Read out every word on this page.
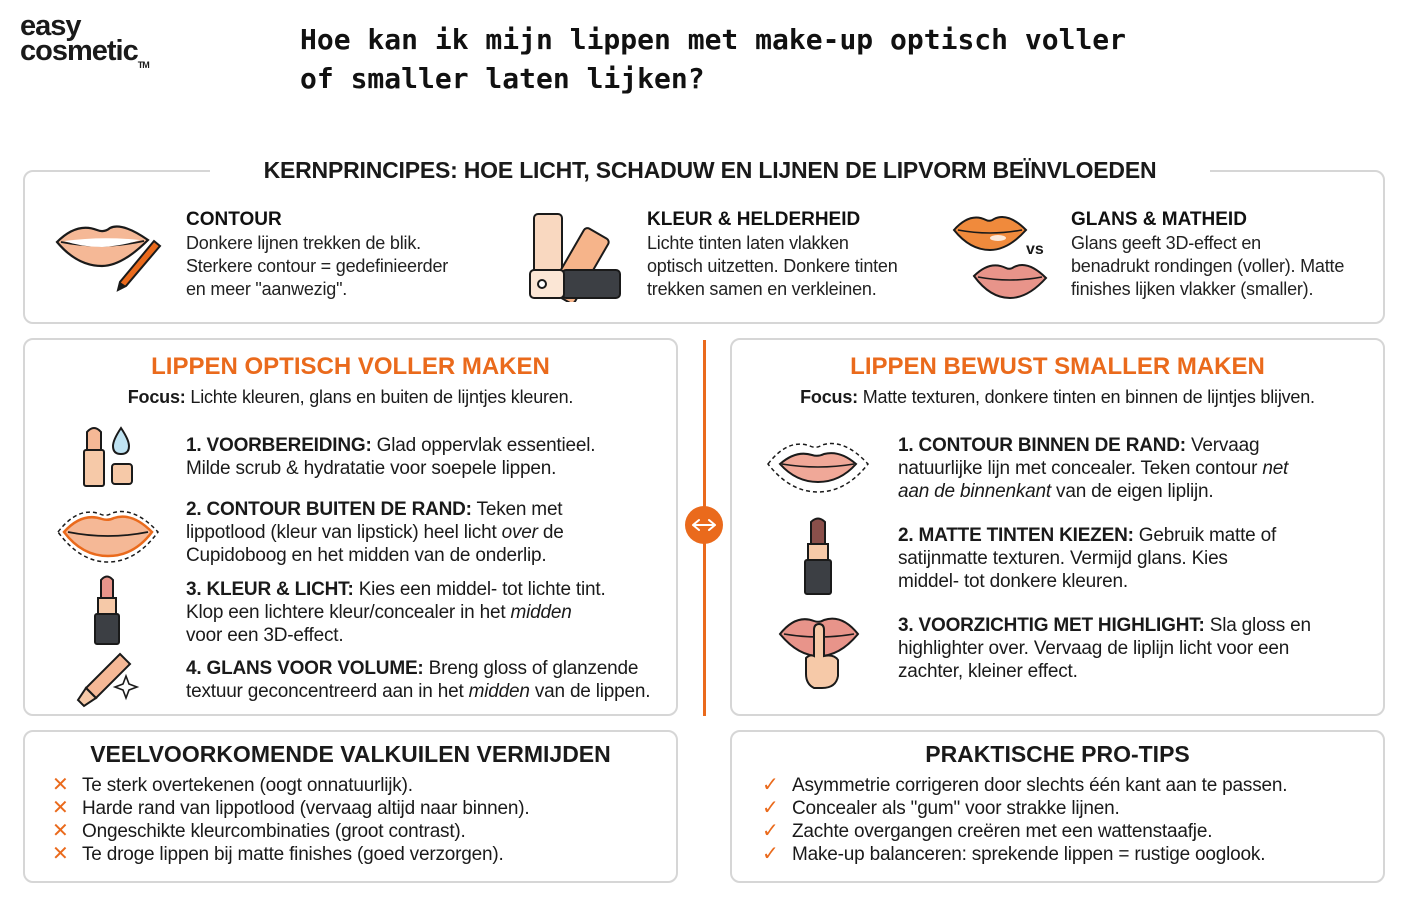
easy
cosmetic™
Hoe kan ik mijn lippen met make-up optisch voller of smaller laten lijken?
KERNPRINCIPES: HOE LICHT, SCHADUW EN LIJNEN DE LIPVORM BEÏNVLOEDEN
CONTOUR
Donkere lijnen trekken de blik.
Sterkere contour = gedefinieerder
en meer "aanwezig".
KLEUR & HELDERHEID
Lichte tinten laten vlakken
optisch uitzetten. Donkere tinten
trekken samen en verkleinen.
vs
GLANS & MATHEID
Glans geeft 3D-effect en
benadrukt rondingen (voller). Matte
finishes lijken vlakker (smaller).
LIPPEN OPTISCH VOLLER MAKEN
Focus: Lichte kleuren, glans en buiten de lijntjes kleuren.
1. VOORBEREIDING: Glad oppervlak essentieel.
Milde scrub & hydratatie voor soepele lippen.
2. CONTOUR BUITEN DE RAND: Teken met
lippotlood (kleur van lipstick) heel licht over de
Cupidoboog en het midden van de onderlip.
3. KLEUR & LICHT: Kies een middel- tot lichte tint.
Klop een lichtere kleur/concealer in het midden
voor een 3D-effect.
4. GLANS VOOR VOLUME: Breng gloss of glanzende
textuur geconcentreerd aan in het midden van de lippen.
LIPPEN BEWUST SMALLER MAKEN
Focus: Matte texturen, donkere tinten en binnen de lijntjes blijven.
1. CONTOUR BINNEN DE RAND: Vervaag
natuurlijke lijn met concealer. Teken contour net
aan de binnenkant van de eigen liplijn.
2. MATTE TINTEN KIEZEN: Gebruik matte of
satijnmatte texturen. Vermijd glans. Kies
middel- tot donkere kleuren.
3. VOORZICHTIG MET HIGHLIGHT: Sla gloss en
highlighter over. Vervaag de liplijn licht voor een
zachter, kleiner effect.
VEELVOORKOMENDE VALKUILEN VERMIJDEN
✕ Te sterk overtekenen (oogt onnatuurlijk).
✕ Harde rand van lippotlood (vervaag altijd naar binnen).
✕ Ongeschikte kleurcombinaties (groot contrast).
✕ Te droge lippen bij matte finishes (goed verzorgen).
PRAKTISCHE PRO-TIPS
✓ Asymmetrie corrigeren door slechts één kant aan te passen.
✓ Concealer als "gum" voor strakke lijnen.
✓ Zachte overgangen creëren met een wattenstaafje.
✓ Make-up balanceren: sprekende lippen = rustige ooglook.
